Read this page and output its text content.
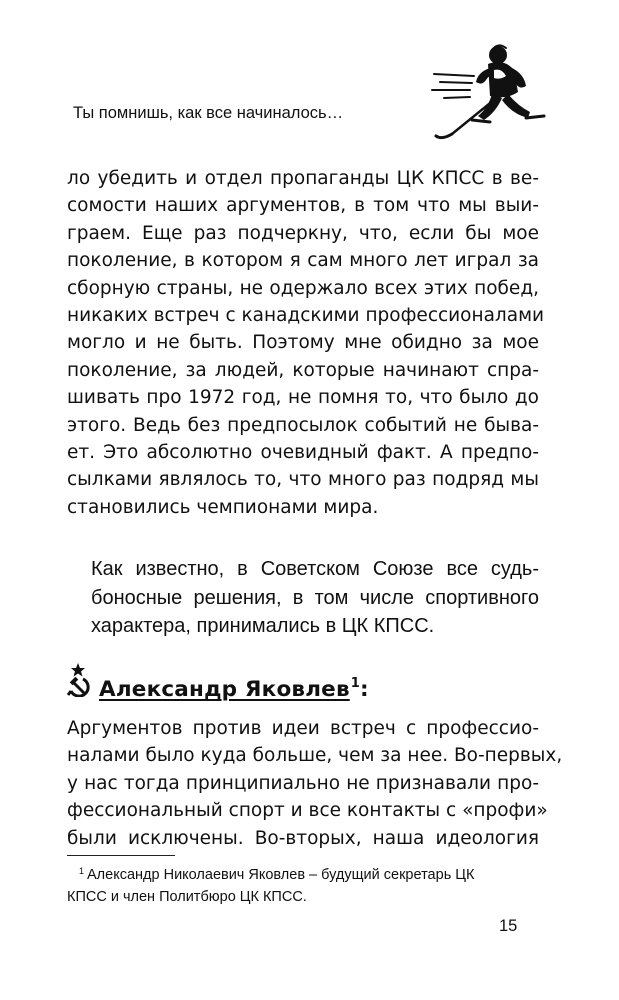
Ты помнишь, как все начиналось…
ло убедить и отдел пропаганды ЦК КПСС в ве-
сомости наших аргументов, в том что мы выи-
граем. Еще раз подчеркну, что, если бы мое
поколение, в котором я сам много лет играл за
сборную страны, не одержало всех этих побед,
никаких встреч с канадскими профессионалами
могло и не быть. Поэтому мне обидно за мое
поколение, за людей, которые начинают спра-
шивать про 1972 год, не помня то, что было до
этого. Ведь без предпосылок событий не быва-
ет. Это абсолютно очевидный факт. А предпо-
сылками являлось то, что много раз подряд мы
становились чемпионами мира.
Как известно, в Советском Союзе все судь-
боносные решения, в том числе спортивного
характера, принимались в ЦК КПСС.
Александр Яковлев$^1$:
Аргументов против идеи встреч с профессио-
налами было куда больше, чем за нее. Во-первых,
у нас тогда принципиально не признавали про-
фессиональный спорт и все контакты с «профи»
были исключены. Во-вторых, наша идеология
$^1$ Александр Николаевич Яковлев – будущий секретарь ЦК
КПСС и член Политбюро ЦК КПСС.
15
